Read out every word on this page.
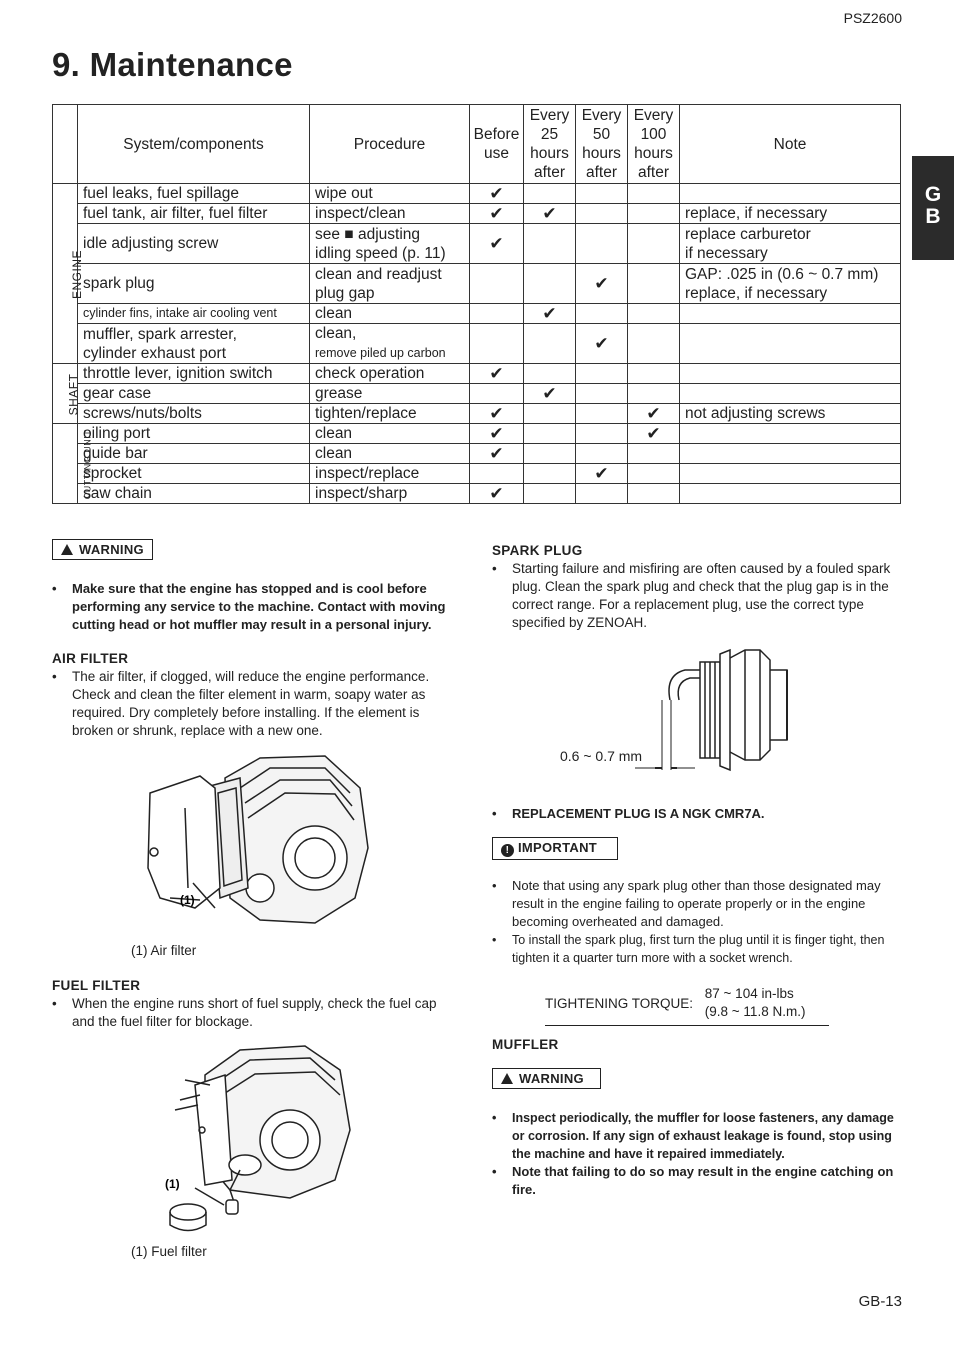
PSZ2600
9. Maintenance
G
B
	System/components	Procedure	Before
use	Every
25
hours
after	Every
50
hours
after	Every
100
hours
after	Note
ENGINE	fuel leaks, fuel spillage	wipe out	✔				
	fuel tank, air filter, fuel filter	inspect/clean	✔	✔			replace, if necessary
	idle adjusting screw	see ■ adjusting
idling speed (p. 11)	✔				replace carburetor
if necessary
	spark plug	clean and readjust
plug gap			✔		GAP: .025 in (0.6 ~ 0.7 mm)
replace, if necessary
	cylinder fins, intake air cooling vent	clean		✔			
	muffler, spark arrester,
cylinder exhaust port	clean,
remove piled up carbon			✔		
SHAFT	throttle lever, ignition switch	check operation	✔				
	gear case	grease		✔			
	screws/nuts/bolts	tighten/replace	✔			✔	not adjusting screws
CUTTING UNIT	oiling port	clean	✔			✔	
	guide bar	clean	✔				
	sprocket	inspect/replace			✔		
	saw chain	inspect/sharp	✔				
WARNING
• Make sure that the engine has stopped and is cool before performing any service to the machine. Contact with moving cutting head or hot muffler may result in a personal injury.
AIR FILTER
• The air filter, if clogged, will reduce the engine performance. Check and clean the filter element in warm, soapy water as required. Dry completely before installing. If the element is broken or shrunk, replace with a new one.
(1)
(1) Air filter
FUEL FILTER
• When the engine runs short of fuel supply, check the fuel cap and the fuel filter for blockage.
(1)
(1) Fuel filter
SPARK PLUG
• Starting failure and misfiring are often caused by a fouled spark plug. Clean the spark plug and check that the plug gap is in the correct range. For a replacement plug, use the correct type specified by ZENOAH.
0.6 ~ 0.7 mm
• REPLACEMENT PLUG IS A NGK CMR7A.
! IMPORTANT
• Note that using any spark plug other than those designated may result in the engine failing to operate properly or in the engine becoming overheated and damaged.
• To install the spark plug, first turn the plug until it is finger tight, then tighten it a quarter turn more with a socket wrench.
TIGHTENING TORQUE: 87 ~ 104 in-lbs
(9.8 ~ 11.8 N.m.)
MUFFLER
WARNING
• Inspect periodically, the muffler for loose fasteners, any damage or corrosion. If any sign of exhaust leakage is found, stop using the machine and have it repaired immediately.
• Note that failing to do so may result in the engine catching on fire.
GB-13
